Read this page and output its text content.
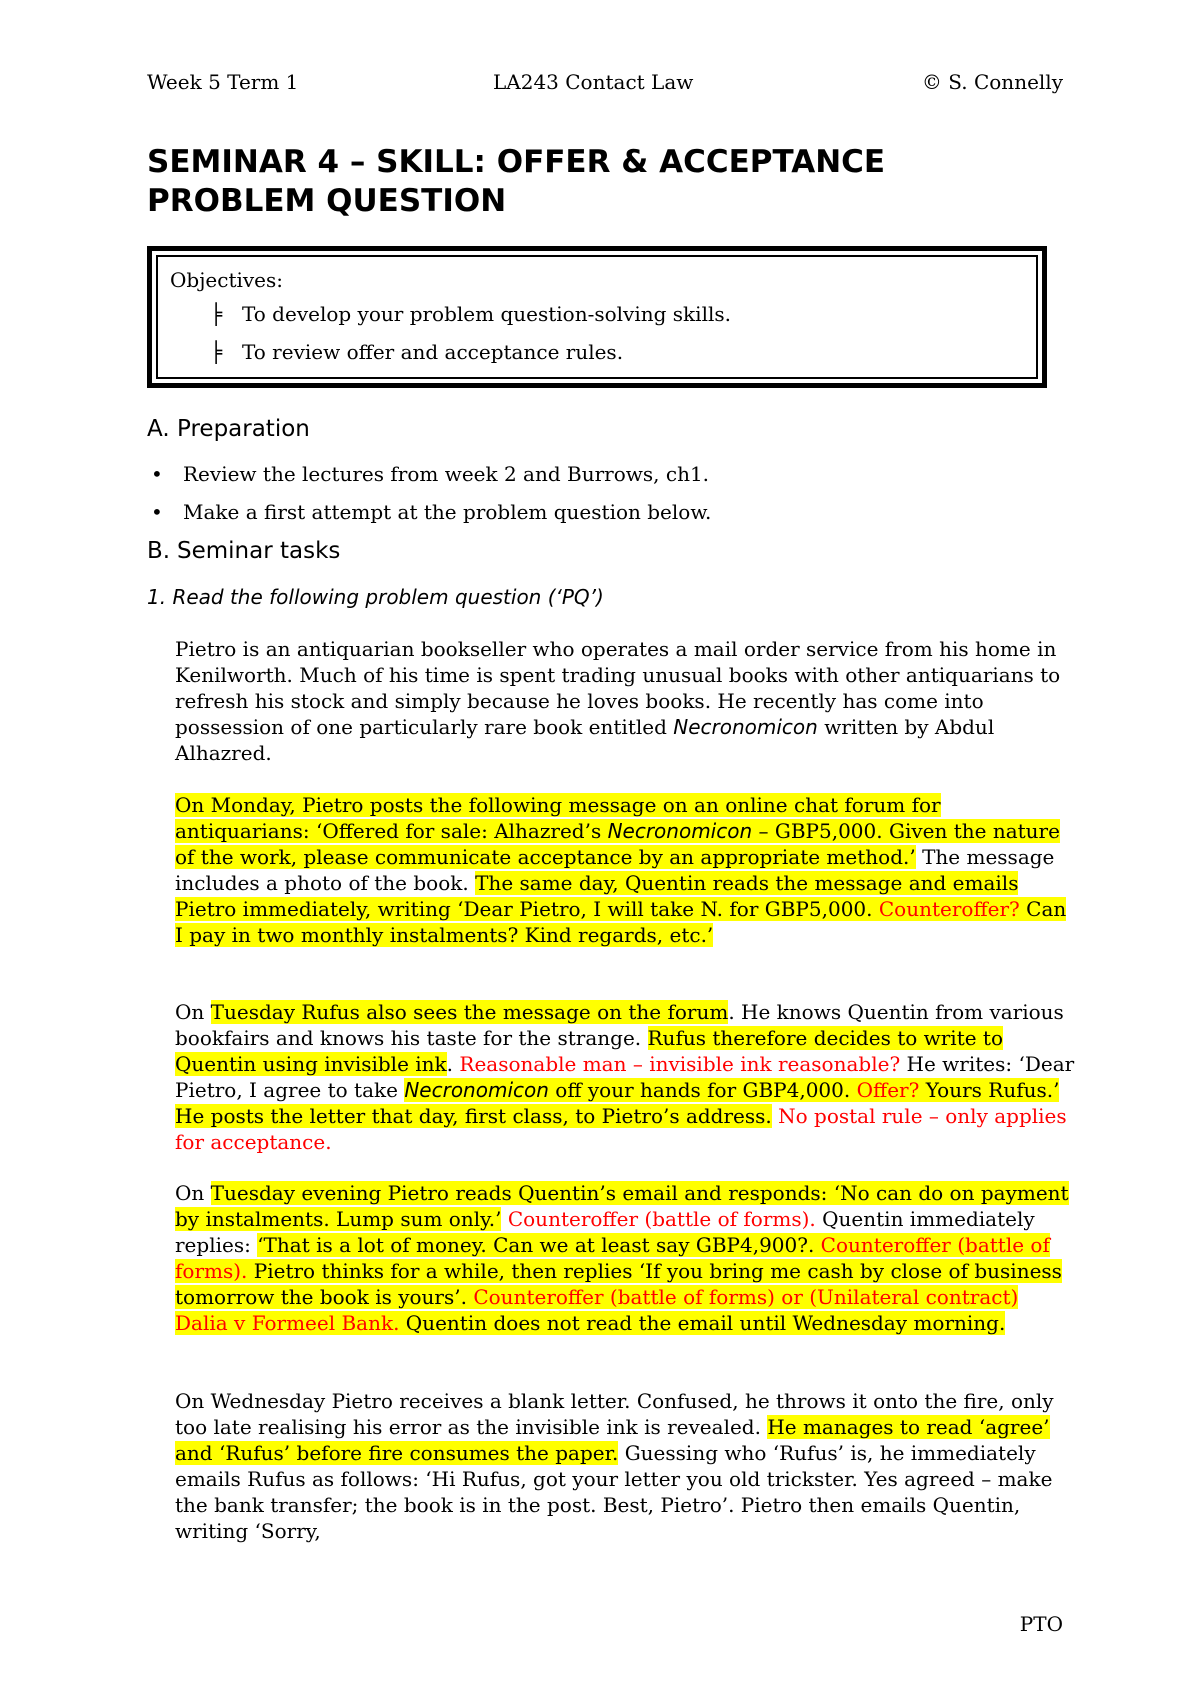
Week 5 Term 1	LA243 Contact Law	© S. Connelly
SEMINAR 4 – SKILL: OFFER & ACCEPTANCE
PROBLEM QUESTION
Objectives:
╞ To develop your problem question-solving skills.
╞ To review offer and acceptance rules.
A. Preparation
• Review the lectures from week 2 and Burrows, ch1.
• Make a first attempt at the problem question below.
B. Seminar tasks
1. Read the following problem question (‘PQ’)
Pietro is an antiquarian bookseller who operates a mail order service from his home in Kenilworth. Much of his time is spent trading unusual books with other antiquarians to refresh his stock and simply because he loves books. He recently has come into possession of one particularly rare book entitled Necronomicon written by Abdul Alhazred.
On Monday, Pietro posts the following message on an online chat forum for antiquarians: ‘Offered for sale: Alhazred’s Necronomicon – GBP5,000. Given the nature of the work, please communicate acceptance by an appropriate method.’ The message includes a photo of the book. The same day, Quentin reads the message and emails Pietro immediately, writing ‘Dear Pietro, I will take N. for GBP5,000. Counteroffer? Can I pay in two monthly instalments? Kind regards, etc.’
On Tuesday Rufus also sees the message on the forum. He knows Quentin from various bookfairs and knows his taste for the strange. Rufus therefore decides to write to Quentin using invisible ink. Reasonable man – invisible ink reasonable? He writes: ‘Dear Pietro, I agree to take Necronomicon off your hands for GBP4,000. Offer? Yours Rufus.’ He posts the letter that day, first class, to Pietro’s address. No postal rule – only applies for acceptance.
On Tuesday evening Pietro reads Quentin’s email and responds: ‘No can do on payment by instalments. Lump sum only.’ Counteroffer (battle of forms). Quentin immediately replies: ‘That is a lot of money. Can we at least say GBP4,900?. Counteroffer (battle of forms). Pietro thinks for a while, then replies ‘If you bring me cash by close of business tomorrow the book is yours’. Counteroffer (battle of forms) or (Unilateral contract) Dalia v Formeel Bank. Quentin does not read the email until Wednesday morning.
On Wednesday Pietro receives a blank letter. Confused, he throws it onto the fire, only too late realising his error as the invisible ink is revealed. He manages to read ‘agree’ and ‘Rufus’ before fire consumes the paper. Guessing who ‘Rufus’ is, he immediately emails Rufus as follows: ‘Hi Rufus, got your letter you old trickster. Yes agreed – make the bank transfer; the book is in the post. Best, Pietro’. Pietro then emails Quentin, writing ‘Sorry,
PTO
